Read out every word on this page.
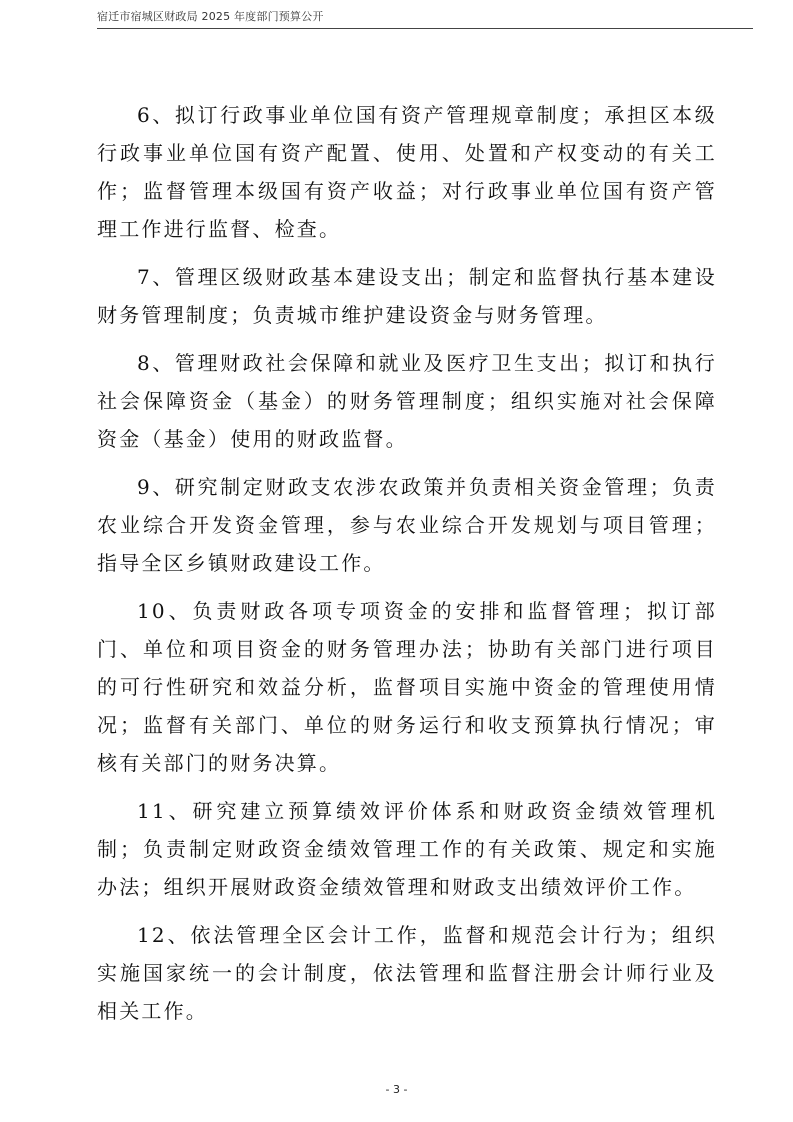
宿迁市宿城区财政局 2025 年度部门预算公开

6、拟订行政事业单位国有资产管理规章制度；承担区本级行政事业单位国有资产配置、使用、处置和产权变动的有关工作；监督管理本级国有资产收益；对行政事业单位国有资产管理工作进行监督、检查。

7、管理区级财政基本建设支出；制定和监督执行基本建设财务管理制度；负责城市维护建设资金与财务管理。

8、管理财政社会保障和就业及医疗卫生支出；拟订和执行社会保障资金（基金）的财务管理制度；组织实施对社会保障资金（基金）使用的财政监督。

9、研究制定财政支农涉农政策并负责相关资金管理；负责农业综合开发资金管理，参与农业综合开发规划与项目管理；指导全区乡镇财政建设工作。

10、负责财政各项专项资金的安排和监督管理；拟订部门、单位和项目资金的财务管理办法；协助有关部门进行项目的可行性研究和效益分析，监督项目实施中资金的管理使用情况；监督有关部门、单位的财务运行和收支预算执行情况；审核有关部门的财务决算。

11、研究建立预算绩效评价体系和财政资金绩效管理机制；负责制定财政资金绩效管理工作的有关政策、规定和实施办法；组织开展财政资金绩效管理和财政支出绩效评价工作。

12、依法管理全区会计工作，监督和规范会计行为；组织实施国家统一的会计制度，依法管理和监督注册会计师行业及相关工作。

- 3 -
